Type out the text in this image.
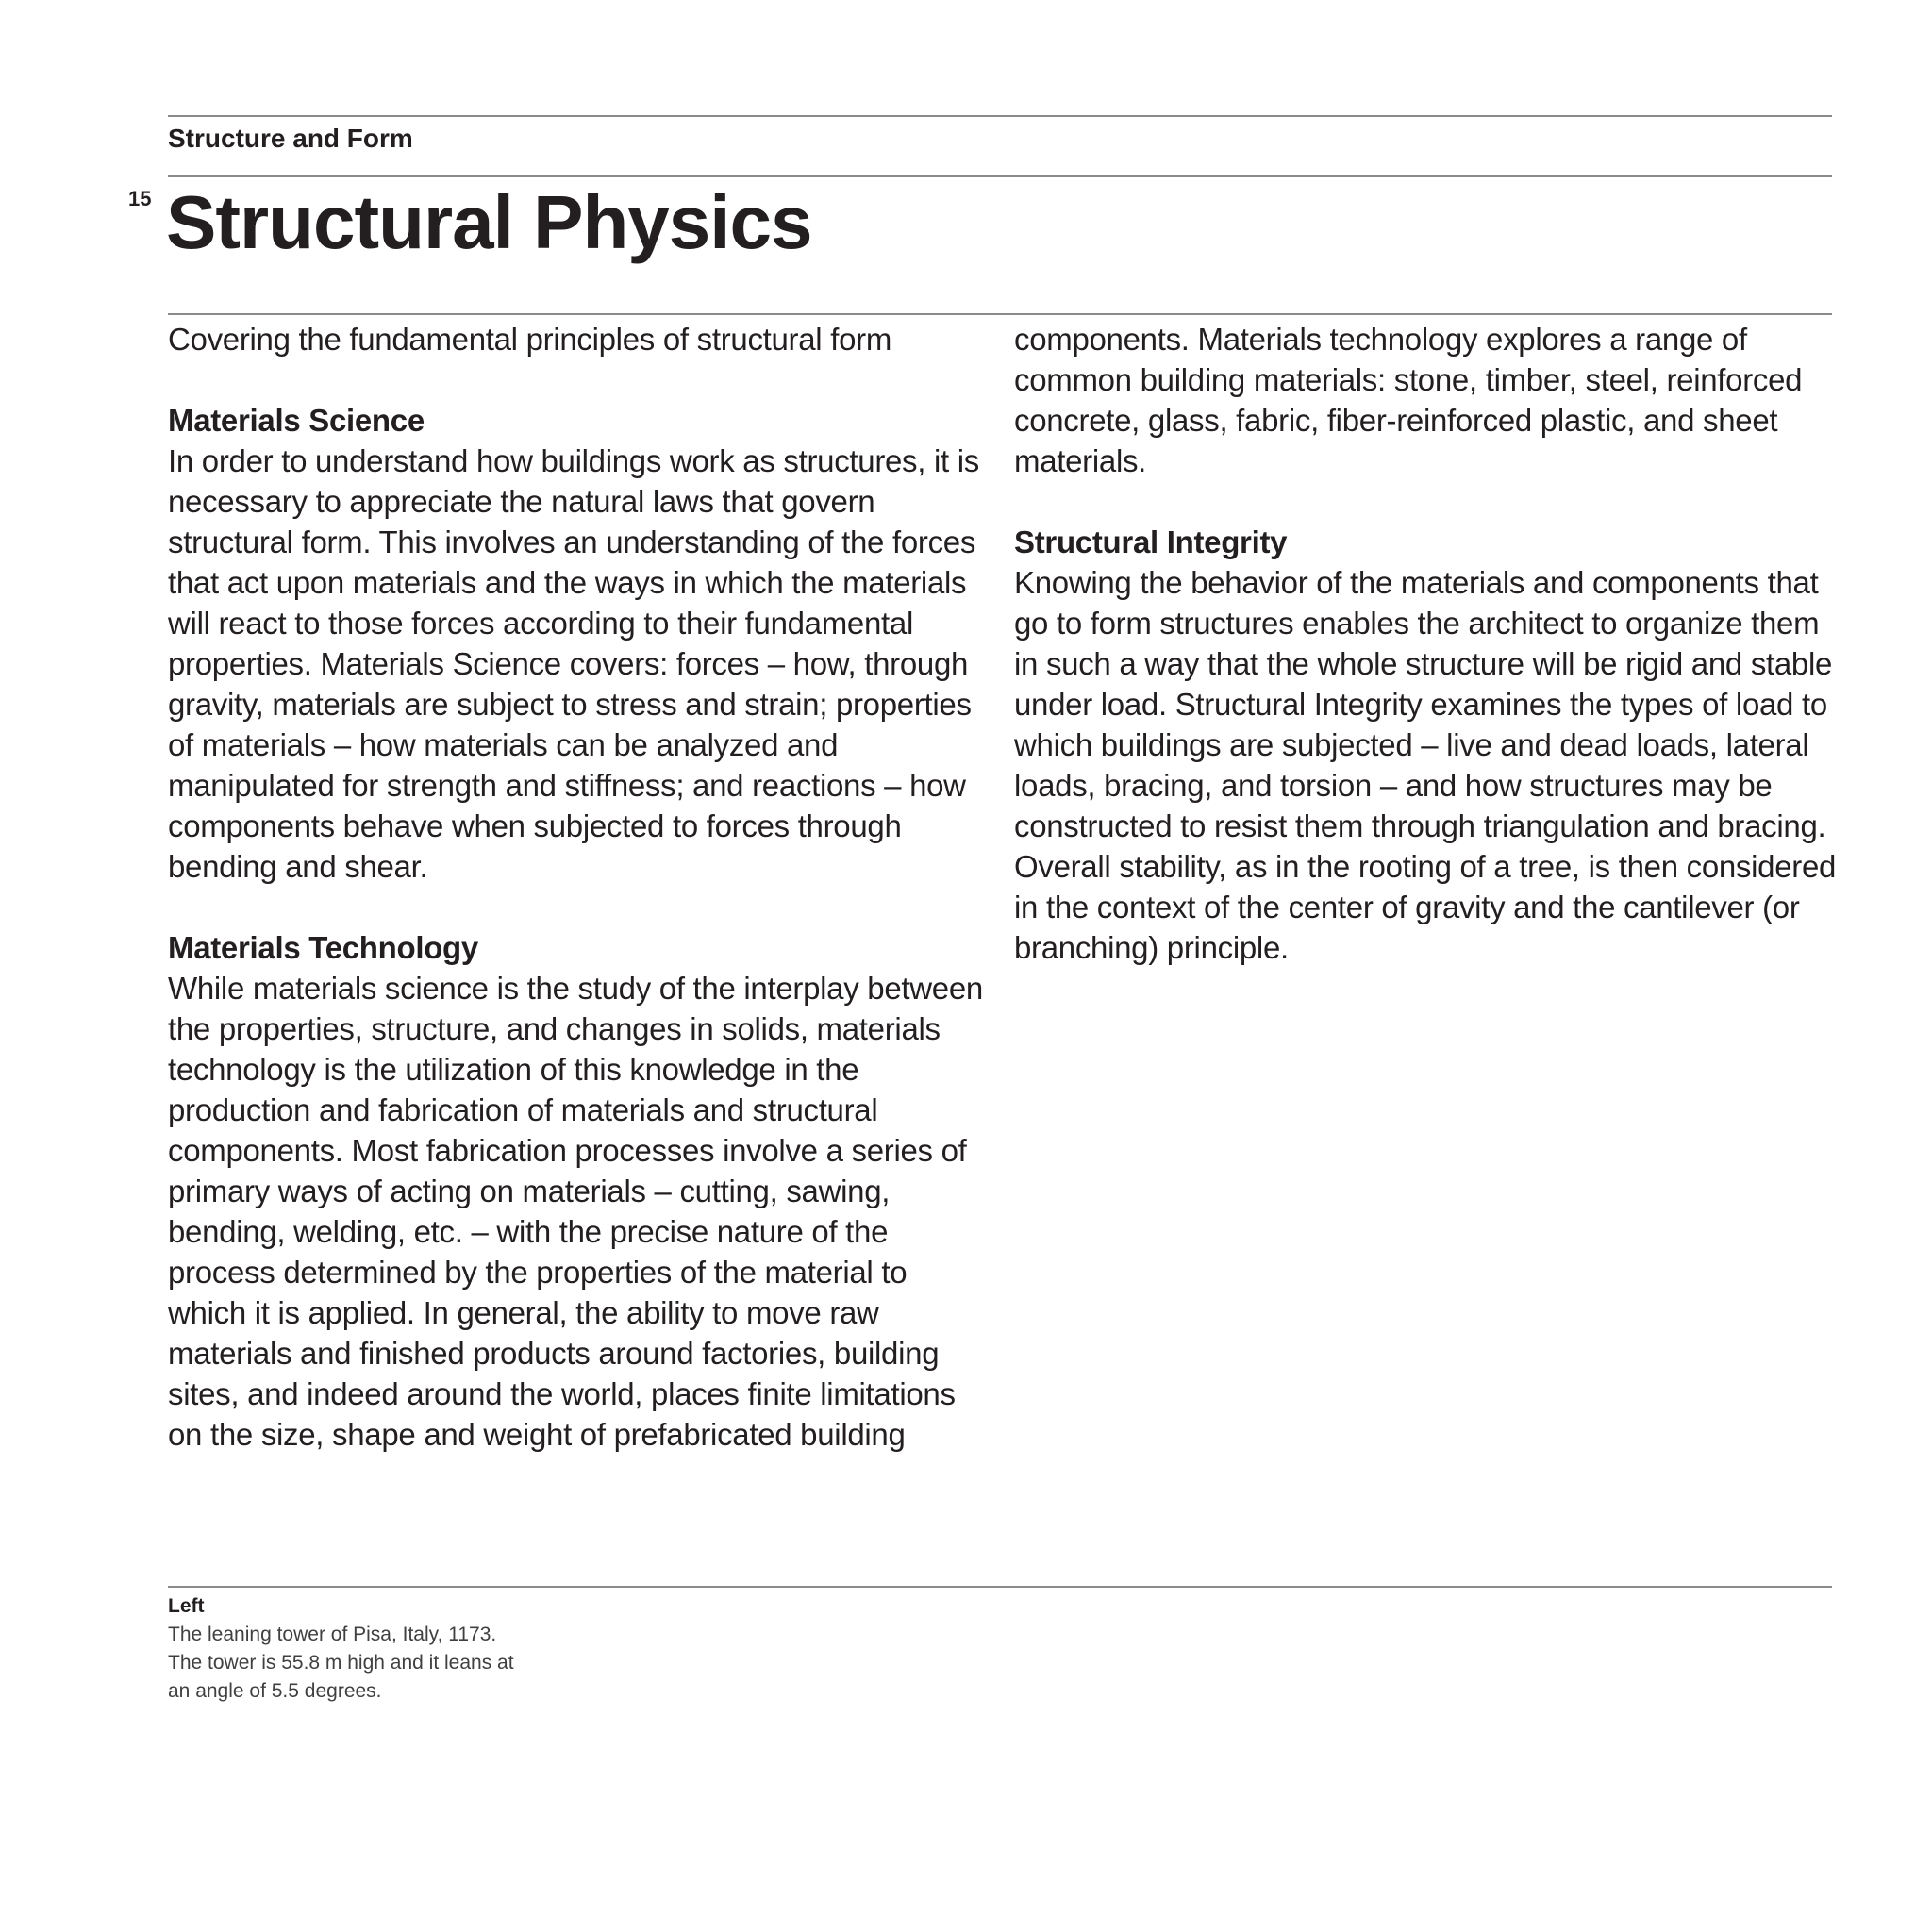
Structure and Form
15 Structural Physics

Covering the fundamental principles of structural form

Materials Science

In order to understand how buildings work as structures, it is necessary to appreciate the natural laws that govern structural form. This involves an understanding of the forces that act upon materials and the ways in which the materials will react to those forces according to their fundamental properties. Materials Science covers: forces – how, through gravity, materials are subject to stress and strain; properties of materials – how materials can be analyzed and manipulated for strength and stiffness; and reactions – how components behave when subjected to forces through bending and shear.

Materials Technology

While materials science is the study of the interplay between the properties, structure, and changes in solids, materials technology is the utilization of this knowledge in the production and fabrication of materials and structural components. Most fabrication processes involve a series of primary ways of acting on materials – cutting, sawing, bending, welding, etc. – with the precise nature of the process determined by the properties of the material to which it is applied. In general, the ability to move raw materials and finished products around factories, building sites, and indeed around the world, places finite limitations on the size, shape and weight of prefabricated building

components. Materials technology explores a range of common building materials: stone, timber, steel, reinforced concrete, glass, fabric, fiber-reinforced plastic, and sheet materials.

Structural Integrity

Knowing the behavior of the materials and components that go to form structures enables the architect to organize them in such a way that the whole structure will be rigid and stable under load. Structural Integrity examines the types of load to which buildings are subjected – live and dead loads, lateral loads, bracing, and torsion – and how structures may be constructed to resist them through triangulation and bracing. Overall stability, as in the rooting of a tree, is then considered in the context of the center of gravity and the cantilever (or branching) principle.

Left
The leaning tower of Pisa, Italy, 1173.
The tower is 55.8 m high and it leans at
an angle of 5.5 degrees.
